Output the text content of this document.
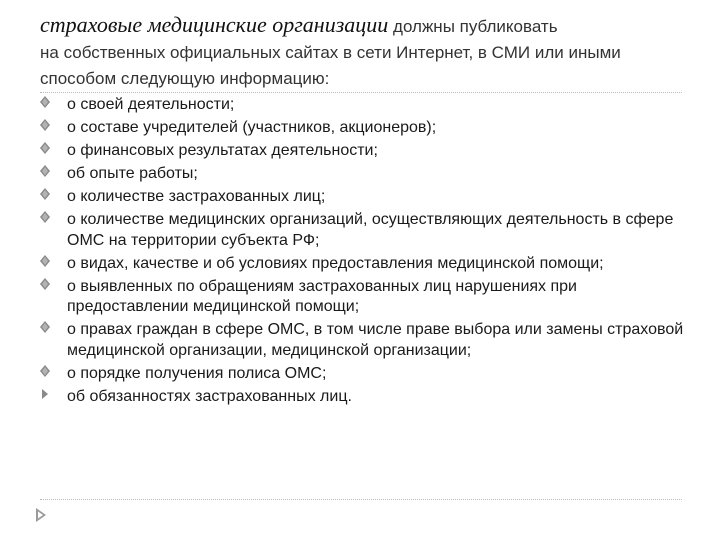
страховые медицинские организации должны публиковать
на собственных официальных сайтах в сети Интернет, в СМИ или иными
способом следующую информацию:
о своей деятельности;
о составе учредителей (участников, акционеров);
о финансовых результатах деятельности;
об опыте работы;
о количестве застрахованных лиц;
о количестве медицинских организаций, осуществляющих деятельность в сфере ОМС на территории субъекта РФ;
о видах, качестве и об условиях предоставления медицинской помощи;
о выявленных по обращениям застрахованных лиц нарушениях при предоставлении медицинской помощи;
о правах граждан в сфере ОМС, в том числе праве выбора или замены страховой медицинской организации, медицинской организации;
о порядке получения полиса ОМС;
об обязанностях застрахованных лиц.
